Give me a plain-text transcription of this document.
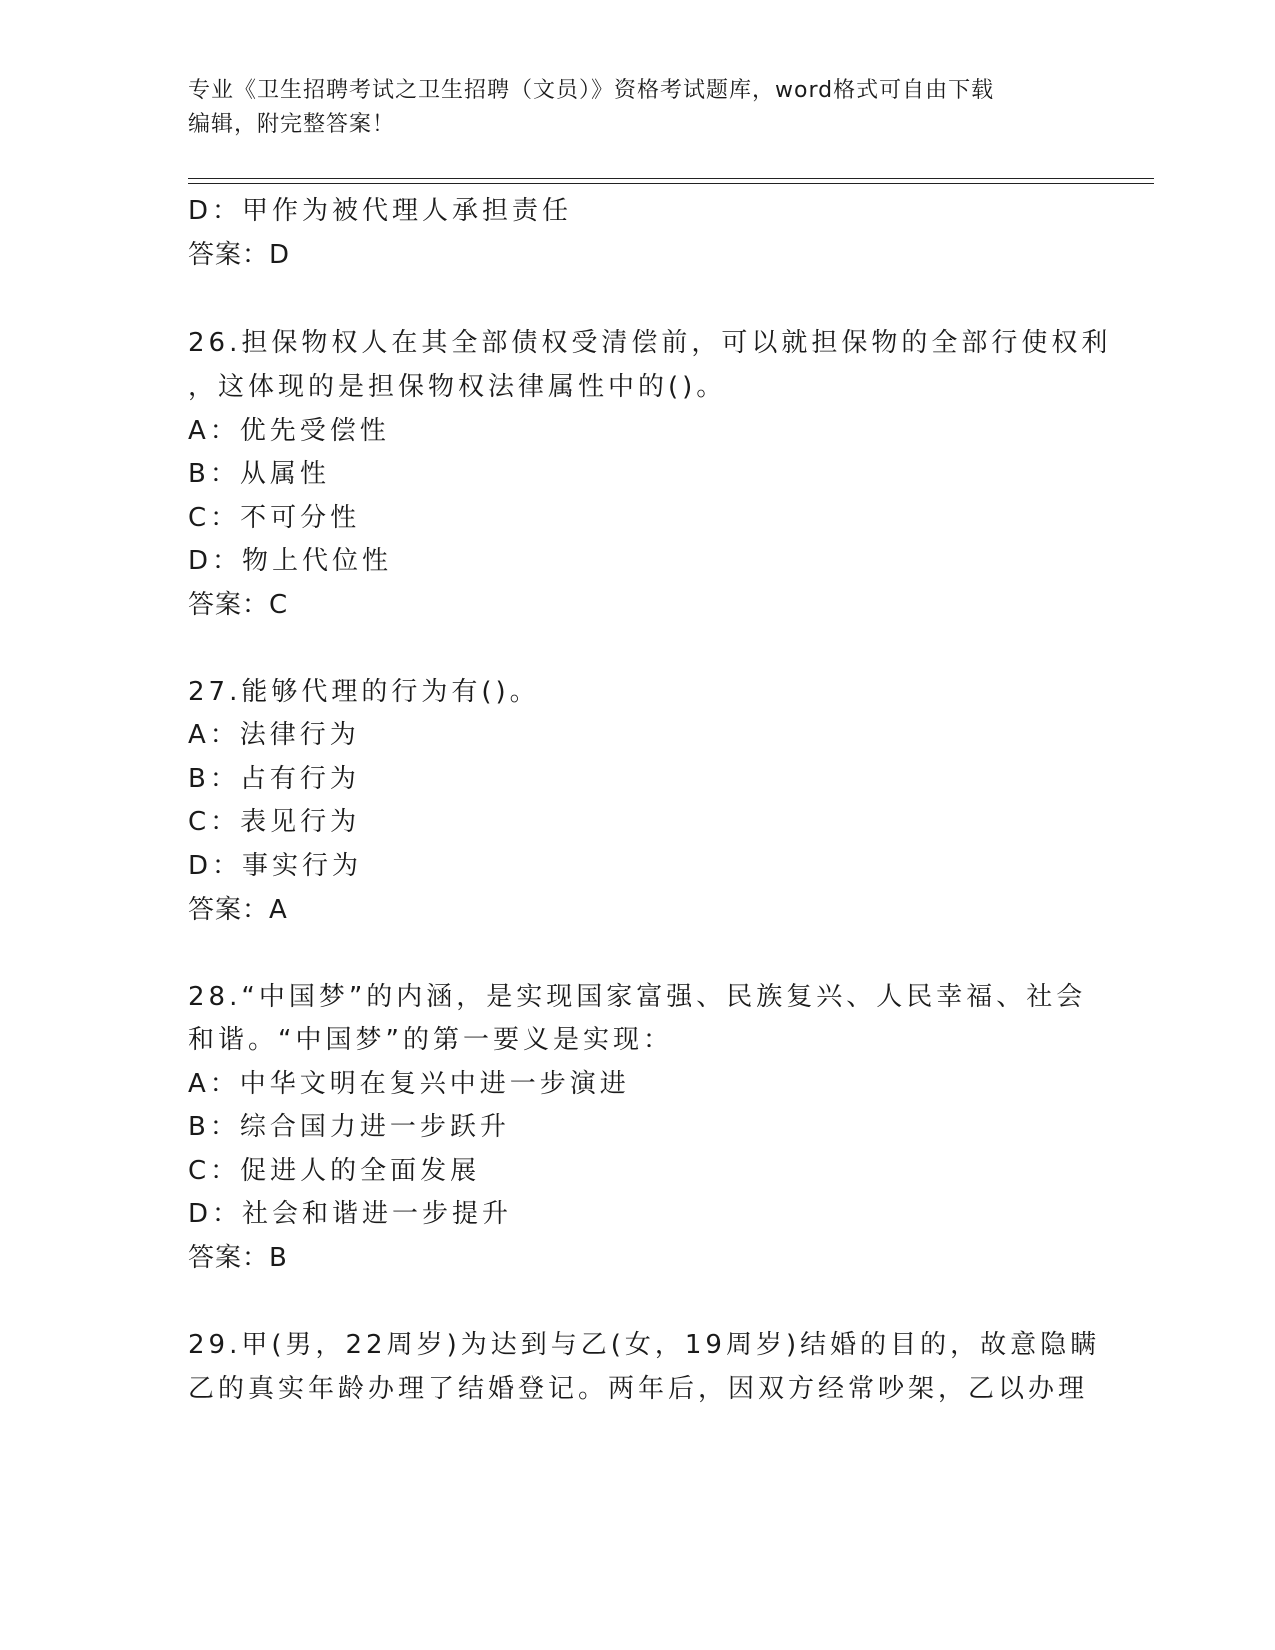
专业《卫生招聘考试之卫生招聘（文员）》资格考试题库，word格式可自由下载
编辑，附完整答案！
D：甲作为被代理人承担责任
答案：D
26.担保物权人在其全部债权受清偿前，可以就担保物的全部行使权利
，这体现的是担保物权法律属性中的()。
A：优先受偿性
B：从属性
C：不可分性
D：物上代位性
答案：C
27.能够代理的行为有()。
A：法律行为
B：占有行为
C：表见行为
D：事实行为
答案：A
28.“中国梦”的内涵，是实现国家富强、民族复兴、人民幸福、社会
和谐。“中国梦”的第一要义是实现：
A：中华文明在复兴中进一步演进
B：综合国力进一步跃升
C：促进人的全面发展
D：社会和谐进一步提升
答案：B
29.甲(男，22周岁)为达到与乙(女，19周岁)结婚的目的，故意隐瞒
乙的真实年龄办理了结婚登记。两年后，因双方经常吵架，乙以办理
